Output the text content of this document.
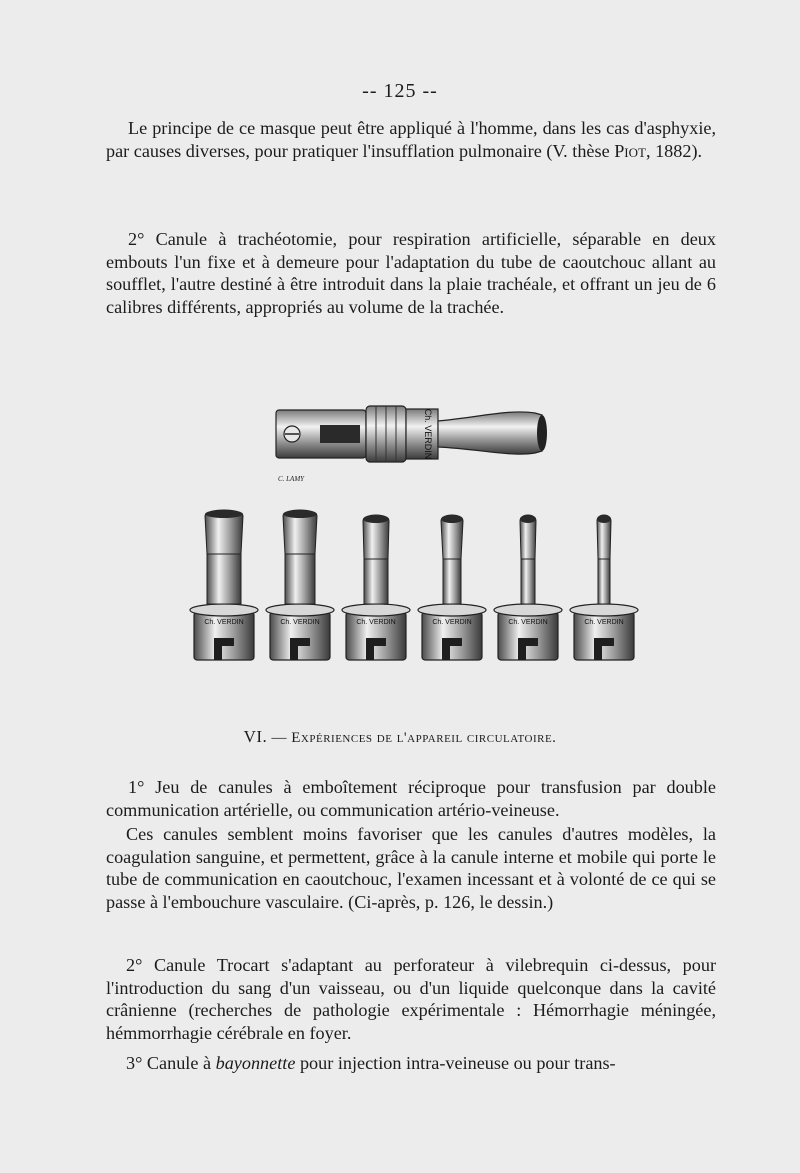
-- 125 --

Le principe de ce masque peut être appliqué à l'homme, dans les cas d'asphyxie, par causes diverses, pour pratiquer l'insufflation pulmonaire (V. thèse Piot, 1882).

2° Canule à trachéotomie, pour respiration artificielle, séparable en deux embouts l'un fixe et à demeure pour l'adaptation du tube de caoutchouc allant au soufflet, l'autre destiné à être introduit dans la plaie trachéale, et offrant un jeu de 6 calibres différents, appropriés au volume de la trachée.

Ch. VERDIN
C. LAMY
Ch. VERDIN	Ch. VERDIN	Ch. VERDIN	Ch. VERDIN	Ch. VERDIN	Ch. VERDIN
VI. — Expériences de l'appareil circulatoire.

1° Jeu de canules à emboîtement réciproque pour transfusion par double communication artérielle, ou communication artério-veineuse.

Ces canules semblent moins favoriser que les canules d'autres modèles, la coagulation sanguine, et permettent, grâce à la canule interne et mobile qui porte le tube de communication en caoutchouc, l'examen incessant et à volonté de ce qui se passe à l'embouchure vasculaire. (Ci-après, p. 126, le dessin.)

2° Canule Trocart s'adaptant au perforateur à vilebrequin ci-dessus, pour l'introduction du sang d'un vaisseau, ou d'un liquide quelconque dans la cavité crânienne (recherches de pathologie expérimentale : Hémorrhagie méningée, hémmorrhagie cérébrale en foyer.

3° Canule à bayonnette pour injection intra-veineuse ou pour trans-
